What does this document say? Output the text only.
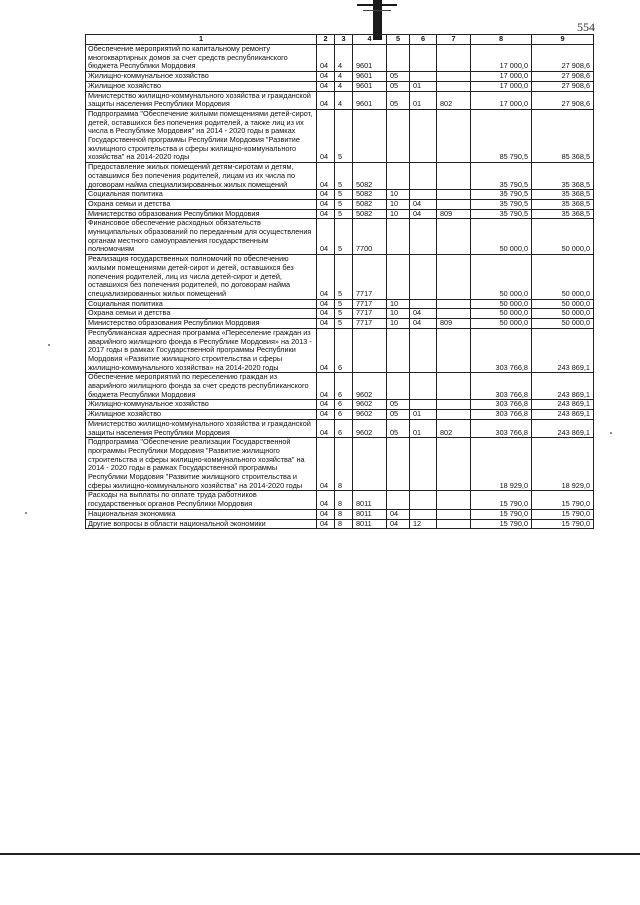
554
1	2	3	4	5	6	7	8	9
Обеспечение мероприятий по капитальному ремонту многоквартирных домов за счет средств республиканского бюджета Республики Мордовия	04	4	9601				17 000,0	27 908,6
Жилищно-коммунальное хозяйство	04	4	9601	05			17 000,0	27 908,6
Жилищное хозяйство	04	4	9601	05	01		17 000,0	27 908,6
Министерство жилищно-коммунального хозяйства и гражданской защиты населения Республики Мордовия	04	4	9601	05	01	802	17 000,0	27 908,6
Подпрограмма "Обеспечение жилыми помещениями детей-сирот, детей, оставшихся без попечения родителей, а также лиц из их числа в Республике Мордовия" на 2014 - 2020 годы в рамках Государственной программы Республики Мордовия "Развитие жилищного строительства и сферы жилищно-коммунального хозяйства" на 2014-2020 годы	04	5					85 790,5	85 368,5
Предоставление жилых помещений детям-сиротам и детям, оставшимся без попечения родителей, лицам из их числа по договорам найма специализированных жилых помещений	04	5	5082				35 790,5	35 368,5
Социальная политика	04	5	5082	10			35 790,5	35 368,5
Охрана семьи и детства	04	5	5082	10	04		35 790,5	35 368,5
Министерство образования Республики Мордовия	04	5	5082	10	04	809	35 790,5	35 368,5
Финансовое обеспечение расходных обязательств муниципальных образований по переданным для осуществления органам местного самоуправления государственным полномочиям	04	5	7700				50 000,0	50 000,0
Реализация государственных полномочий по обеспечению жилыми помещениями детей-сирот и детей, оставшихся без попечения родителей, лиц из числа детей-сирот и детей, оставшихся без попечения родителей, по договорам найма специализированных жилых помещений	04	5	7717				50 000,0	50 000,0
Социальная политика	04	5	7717	10			50 000,0	50 000,0
Охрана семьи и детства	04	5	7717	10	04		50 000,0	50 000,0
Министерство образования Республики Мордовия	04	5	7717	10	04	809	50 000,0	50 000,0
Республиканская адресная программа «Переселение граждан из аварийного жилищного фонда в Республике Мордовия» на 2013 - 2017 годы в рамках Государственной программы Республики Мордовия «Развитие жилищного строительства и сферы жилищно-коммунального хозяйства» на 2014-2020 годы	04	6					303 766,8	243 869,1
Обеспечение мероприятий по переселению граждан из аварийного жилищного фонда за счет средств республиканского бюджета Республики Мордовия	04	6	9602				303 766,8	243 869,1
Жилищно-коммунальное хозяйство	04	6	9602	05			303 766,8	243 869,1
Жилищное хозяйство	04	6	9602	05	01		303 766,8	243 869,1
Министерство жилищно-коммунального хозяйства и гражданской защиты населения Республики Мордовия	04	6	9602	05	01	802	303 766,8	243 869,1
Подпрограмма "Обеспечение реализации Государственной программы Республики Мордовия "Развитие жилищного строительства и сферы жилищно-коммунального хозяйства" на 2014 - 2020 годы в рамках Государственной программы Республики Мордовия "Развитие жилищного строительства и сферы жилищно-коммунального хозяйства" на 2014-2020 годы	04	8					18 929,0	18 929,0
Расходы на выплаты по оплате труда работников государственных органов Республики Мордовия	04	8	8011				15 790,0	15 790,0
Национальная экономика	04	8	8011	04			15 790,0	15 790,0
Другие вопросы в области национальной экономики	04	8	8011	04	12		15 790,0	15 790,0
